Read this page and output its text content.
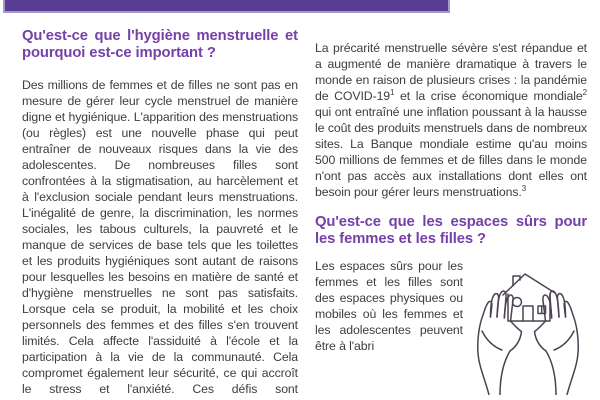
Qu'est-ce que l'hygiène menstruelle et pourquoi est-ce important ?

Des millions de femmes et de filles ne sont pas en mesure de gérer leur cycle menstruel de manière digne et hygiénique. L'apparition des menstruations (ou règles) est une nouvelle phase qui peut entraîner de nouveaux risques dans la vie des adolescentes. De nombreuses filles sont confrontées à la stigmatisation, au harcèlement et à l'exclusion sociale pendant leurs menstruations. L'inégalité de genre, la discrimination, les normes sociales, les tabous culturels, la pauvreté et le manque de services de base tels que les toilettes et les produits hygiéniques sont autant de raisons pour lesquelles les besoins en matière de santé et d'hygiène menstruelles ne sont pas satisfaits. Lorsque cela se produit, la mobilité et les choix personnels des femmes et des filles s'en trouvent limités. Cela affecte l'assiduité à l'école et la participation à la vie de la communauté. Cela compromet également leur sécurité, ce qui accroît le stress et l'anxiété. Ces défis sont

La précarité menstruelle sévère s'est répandue et a augmenté de manière dramatique à travers le monde en raison de plusieurs crises : la pandémie de COVID-$19^1$ et la crise économique mondiale$^2$ qui ont entraîné une inflation poussant à la hausse le coût des produits menstruels dans de nombreux sites. La Banque mondiale estime qu'au moins 500 millions de femmes et de filles dans le monde n'ont pas accès aux installations dont elles ont besoin pour gérer leurs menstruations.$^3$

Qu'est-ce que les espaces sûrs pour les femmes et les filles ?

Les espaces sûrs pour les femmes et les filles sont des espaces physiques ou mobiles où les femmes et les adolescentes peuvent être à l'abri
